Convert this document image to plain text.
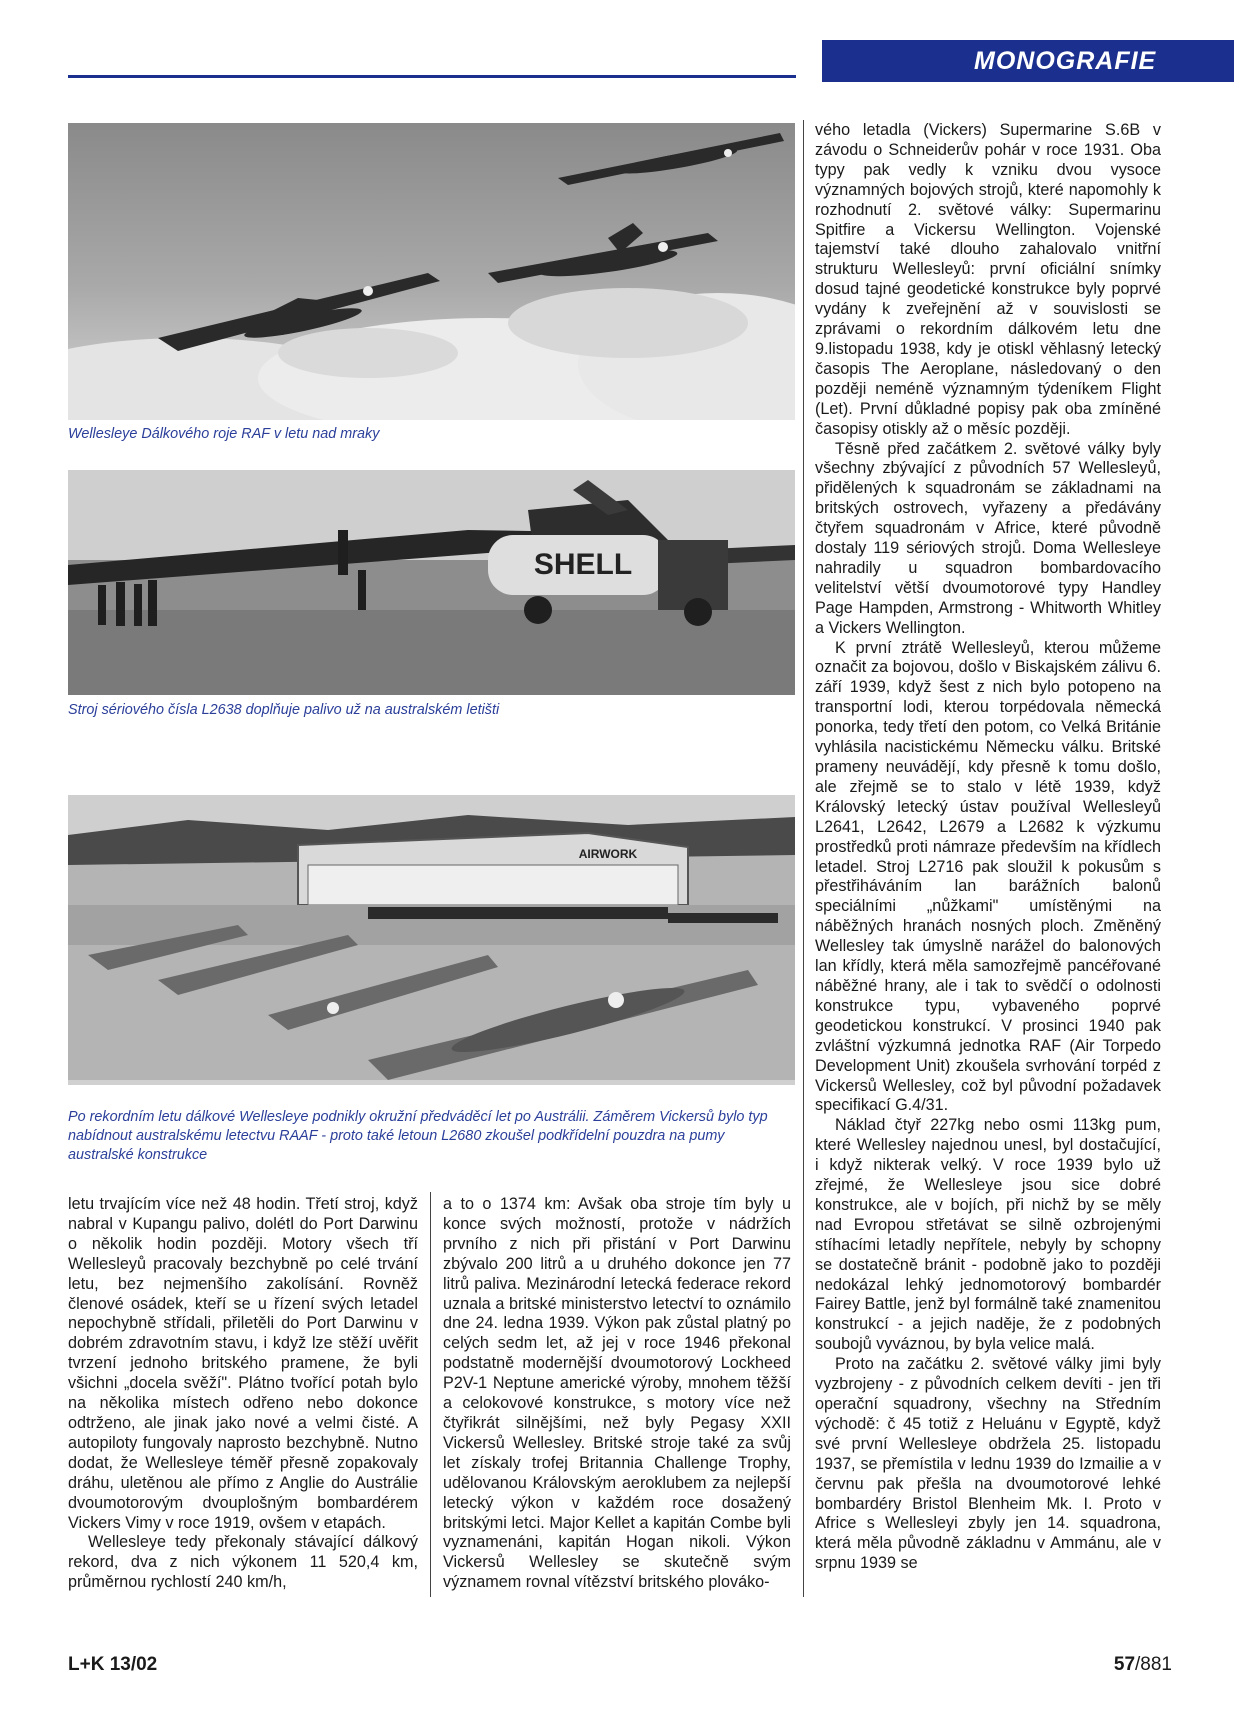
MONOGRAFIE
Wellesleye Dálkového roje RAF v letu nad mraky
SHELL
Stroj sériového čísla L2638 doplňuje palivo už na australském letišti
AIRWORK
Po rekordním letu dálkové Wellesleye podnikly okružní předváděcí let po Austrálii. Záměrem Vickersů bylo typ nabídnout australskému letectvu RAAF - proto také letoun L2680 zkoušel podkřídelní pouzdra na pumy australské konstrukce

letu trvajícím více než 48 hodin. Třetí stroj, když nabral v Kupangu palivo, dolétl do Port Darwinu o několik hodin později. Motory všech tří Wellesleyů pracovaly bezchybně po celé trvání letu, bez nejmenšího zakolísání. Rovněž členové osádek, kteří se u řízení svých letadel nepochybně střídali, přiletěli do Port Darwinu v dobrém zdravotním stavu, i když lze stěží uvěřit tvrzení jednoho britského pramene, že byli všichni „docela svěží". Plátno tvořící potah bylo na několika místech odřeno nebo dokonce odtrženo, ale jinak jako nové a velmi čisté. A autopiloty fungovaly naprosto bezchybně. Nutno dodat, že Wellesleye téměř přesně zopakovaly dráhu, uletěnou ale přímo z Anglie do Austrálie dvoumotorovým dvouplošným bombardérem Vickers Vimy v roce 1919, ovšem v etapách.

Wellesleye tedy překonaly stávající dálkový rekord, dva z nich výkonem 11 520,4 km, průměrnou rychlostí 240 km/h,

a to o 1374 km: Avšak oba stroje tím byly u konce svých možností, protože v nádržích prvního z nich při přistání v Port Darwinu zbývalo 200 litrů a u druhého dokonce jen 77 litrů paliva. Mezinárodní letecká federace rekord uznala a britské ministerstvo letectví to oznámilo dne 24. ledna 1939. Výkon pak zůstal platný po celých sedm let, až jej v roce 1946 překonal podstatně modernější dvoumotorový Lockheed P2V-1 Neptune americké výroby, mnohem těžší a celokovové konstrukce, s motory více než čtyřikrát silnějšími, než byly Pegasy XXII Vickersů Wellesley. Britské stroje také za svůj let získaly trofej Britannia Challenge Trophy, udělovanou Královským aeroklubem za nejlepší letecký výkon v každém roce dosažený britskými letci. Major Kellet a kapitán Combe byli vyznamenáni, kapitán Hogan nikoli. Výkon Vickersů Wellesley se skutečně svým významem rovnal vítězství britského plováko-

vého letadla (Vickers) Supermarine S.6B v závodu o Schneiderův pohár v roce 1931. Oba typy pak vedly k vzniku dvou vysoce významných bojových strojů, které napomohly k rozhodnutí 2. světové války: Supermarinu Spitfire a Vickersu Wellington. Vojenské tajemství také dlouho zahalovalo vnitřní strukturu Wellesleyů: první oficiální snímky dosud tajné geodetické konstrukce byly poprvé vydány k zveřejnění až v souvislosti se zprávami o rekordním dálkovém letu dne 9.listopadu 1938, kdy je otiskl věhlasný letecký časopis The Aeroplane, následovaný o den později neméně významným týdeníkem Flight (Let). První důkladné popisy pak oba zmíněné časopisy otiskly až o měsíc později.

Těsně před začátkem 2. světové války byly všechny zbývající z původních 57 Wellesleyů, přidělených k squadronám se základnami na britských ostrovech, vyřazeny a předávány čtyřem squadronám v Africe, které původně dostaly 119 sériových strojů. Doma Wellesleye nahradily u squadron bombardovacího velitelství větší dvoumotorové typy Handley Page Hampden, Armstrong - Whitworth Whitley a Vickers Wellington.

K první ztrátě Wellesleyů, kterou můžeme označit za bojovou, došlo v Biskajském zálivu 6. září 1939, když šest z nich bylo potopeno na transportní lodi, kterou torpédovala německá ponorka, tedy třetí den potom, co Velká Británie vyhlásila nacistickému Německu válku. Britské prameny neuvádějí, kdy přesně k tomu došlo, ale zřejmě se to stalo v létě 1939, když Královský letecký ústav používal Wellesleyů L2641, L2642, L2679 a L2682 k výzkumu prostředků proti námraze především na křídlech letadel. Stroj L2716 pak sloužil k pokusům s přestřiháváním lan barážních balonů speciálními „nůžkami" umístěnými na náběžných hranách nosných ploch. Změněný Wellesley tak úmyslně narážel do balonových lan křídly, která měla samozřejmě pancéřované náběžné hrany, ale i tak to svědčí o odolnosti konstrukce typu, vybaveného poprvé geodetickou konstrukcí. V prosinci 1940 pak zvláštní výzkumná jednotka RAF (Air Torpedo Development Unit) zkoušela svrhování torpéd z Vickersů Wellesley, což byl původní požadavek specifikací G.4/31.

Náklad čtyř 227kg nebo osmi 113kg pum, které Wellesley najednou unesl, byl dostačující, i když nikterak velký. V roce 1939 bylo už zřejmé, že Wellesleye jsou sice dobré konstrukce, ale v bojích, při nichž by se měly nad Evropou střetávat se silně ozbrojenými stíhacími letadly nepřítele, nebyly by schopny se dostatečně bránit - podobně jako to později nedokázal lehký jednomotorový bombardér Fairey Battle, jenž byl formálně také znamenitou konstrukcí - a jejich naděje, že z podobných soubojů vyváznou, by byla velice malá.

Proto na začátku 2. světové války jimi byly vyzbrojeny - z původních celkem devíti - jen tři operační squadrony, všechny na Středním východě: č 45 totiž z Heluánu v Egyptě, když své první Wellesleye obdržela 25. listopadu 1937, se přemístila v lednu 1939 do Izmailie a v červnu pak přešla na dvoumotorové lehké bombardéry Bristol Blenheim Mk. I. Proto v Africe s Wellesleyi zbyly jen 14. squadrona, která měla původně základnu v Ammánu, ale v srpnu 1939 se

L+K 13/02	57/881
